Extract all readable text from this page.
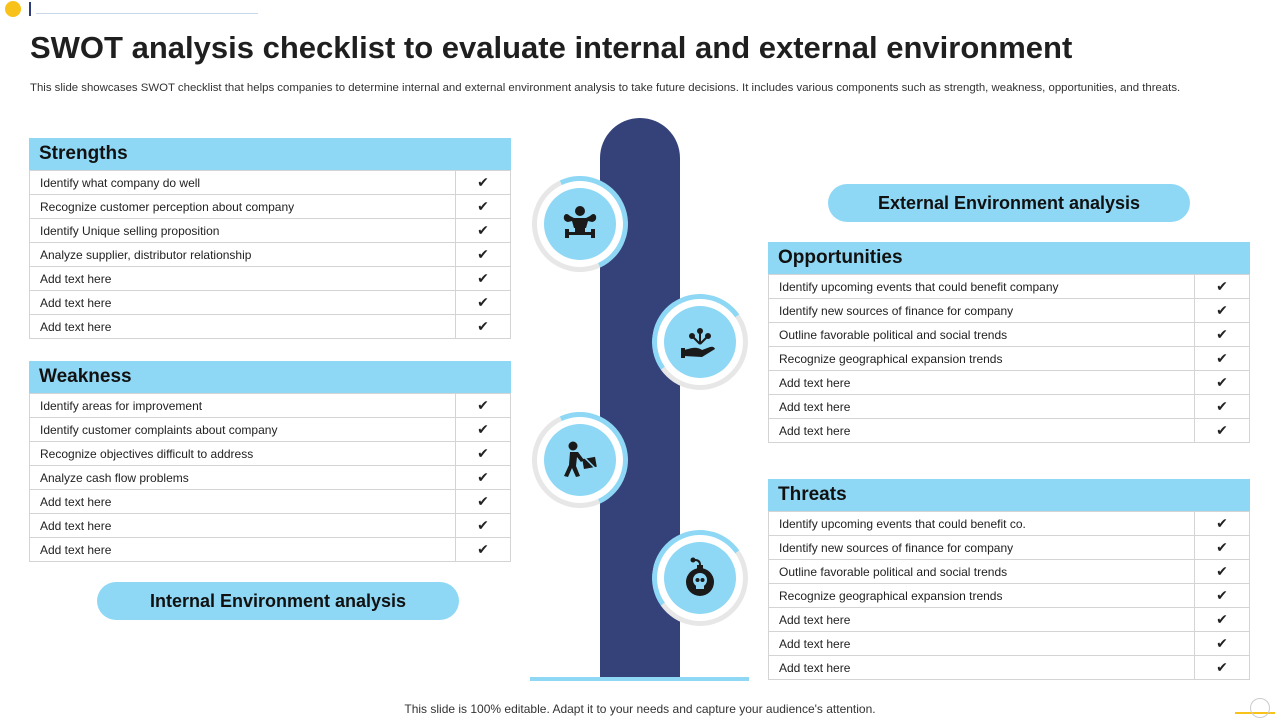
SWOT analysis checklist to evaluate internal and external environment
This slide showcases SWOT checklist that helps companies to determine internal and external environment analysis to take future decisions. It includes various components such as strength, weakness, opportunities, and threats.
Strengths
Identify what company do well	✔
Recognize customer perception about company	✔
Identify Unique selling proposition	✔
Analyze supplier, distributor relationship	✔
Add text here	✔
Add text here	✔
Add text here	✔
Weakness
Identify areas for improvement	✔
Identify customer complaints about company	✔
Recognize objectives difficult to address	✔
Analyze cash flow problems	✔
Add text here	✔
Add text here	✔
Add text here	✔
Internal Environment analysis
External Environment analysis
Opportunities
Identify upcoming events that could benefit company	✔
Identify new sources of finance for company	✔
Outline favorable political and social trends	✔
Recognize geographical expansion trends	✔
Add text here	✔
Add text here	✔
Add text here	✔
Threats
Identify upcoming events that could benefit co.	✔
Identify new sources of finance for company	✔
Outline favorable political and social trends	✔
Recognize geographical expansion trends	✔
Add text here	✔
Add text here	✔
Add text here	✔
This slide is 100% editable. Adapt it to your needs and capture your audience's attention.
